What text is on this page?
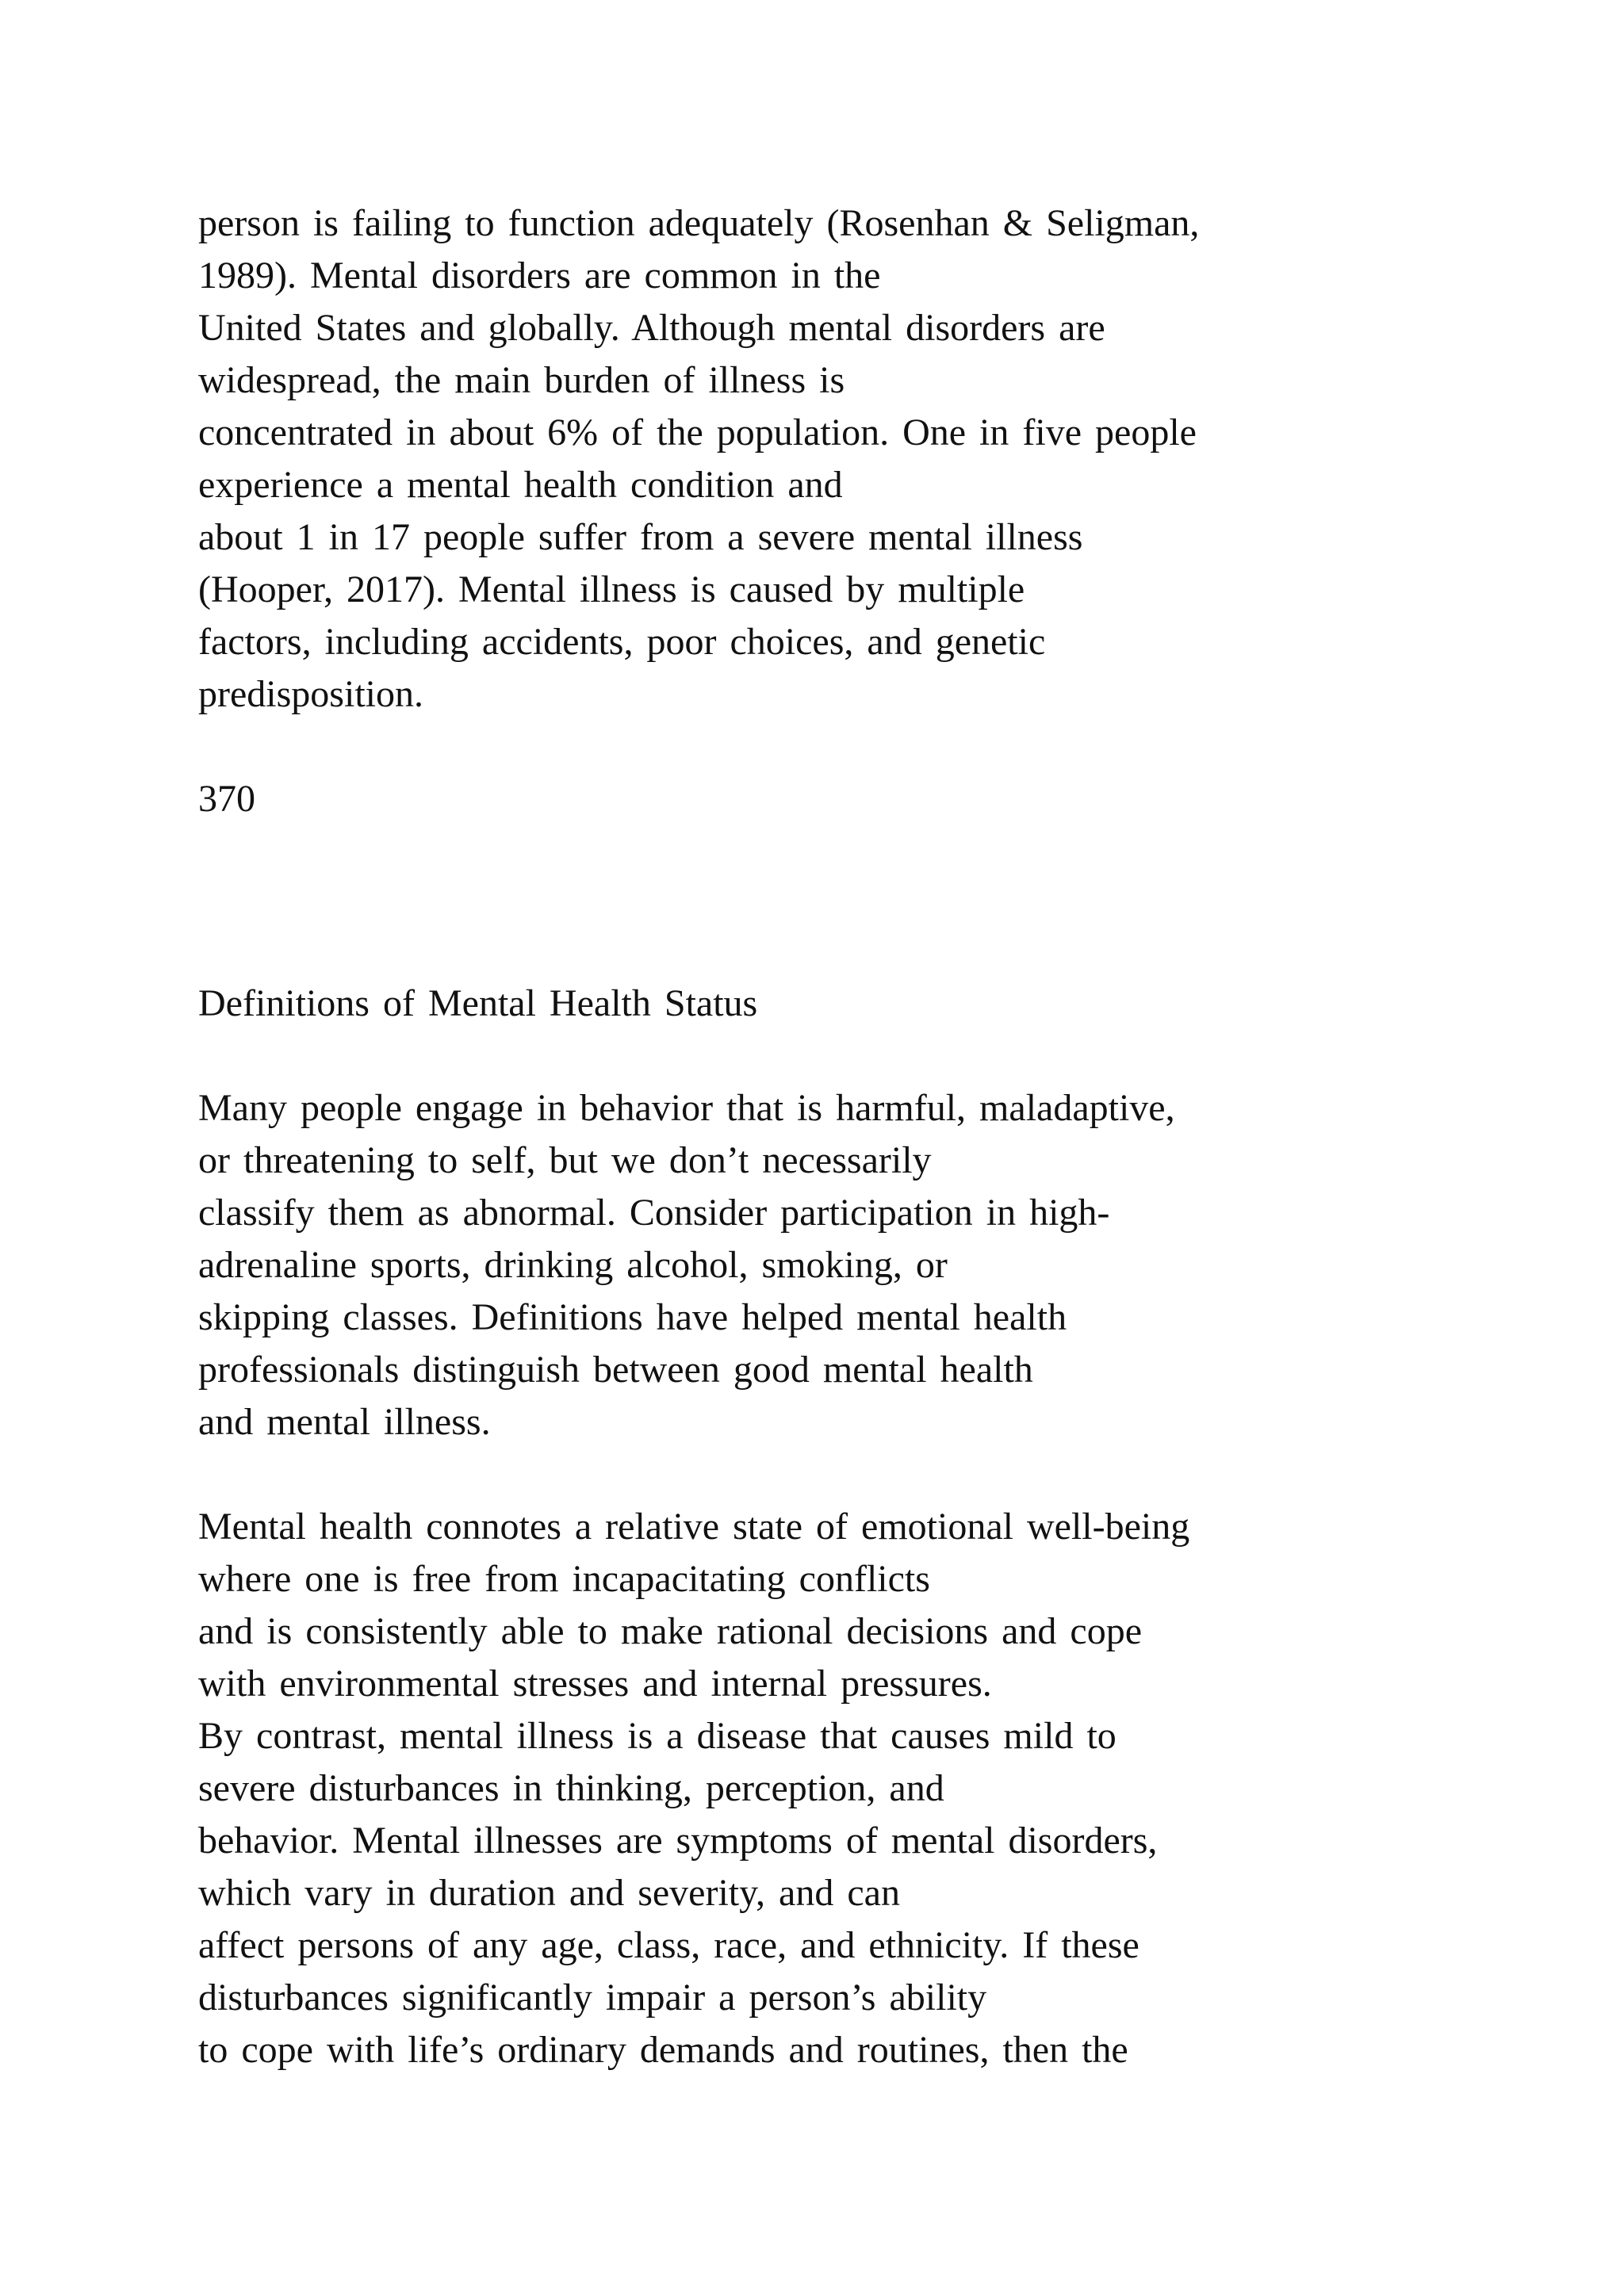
person is failing to function adequately (Rosenhan & Seligman,

1989). Mental disorders are common in the

United States and globally. Although mental disorders are

widespread, the main burden of illness is

concentrated in about 6% of the population. One in five people

experience a mental health condition and

about 1 in 17 people suffer from a severe mental illness

(Hooper, 2017). Mental illness is caused by multiple

factors, including accidents, poor choices, and genetic

predisposition.

370

Definitions of Mental Health Status

Many people engage in behavior that is harmful, maladaptive,

or threatening to self, but we don’t necessarily

classify them as abnormal. Consider participation in high-

adrenaline sports, drinking alcohol, smoking, or

skipping classes. Definitions have helped mental health

professionals distinguish between good mental health

and mental illness.

Mental health connotes a relative state of emotional well-being

where one is free from incapacitating conflicts

and is consistently able to make rational decisions and cope

with environmental stresses and internal pressures.

By contrast, mental illness is a disease that causes mild to

severe disturbances in thinking, perception, and

behavior. Mental illnesses are symptoms of mental disorders,

which vary in duration and severity, and can

affect persons of any age, class, race, and ethnicity. If these

disturbances significantly impair a person’s ability

to cope with life’s ordinary demands and routines, then the
